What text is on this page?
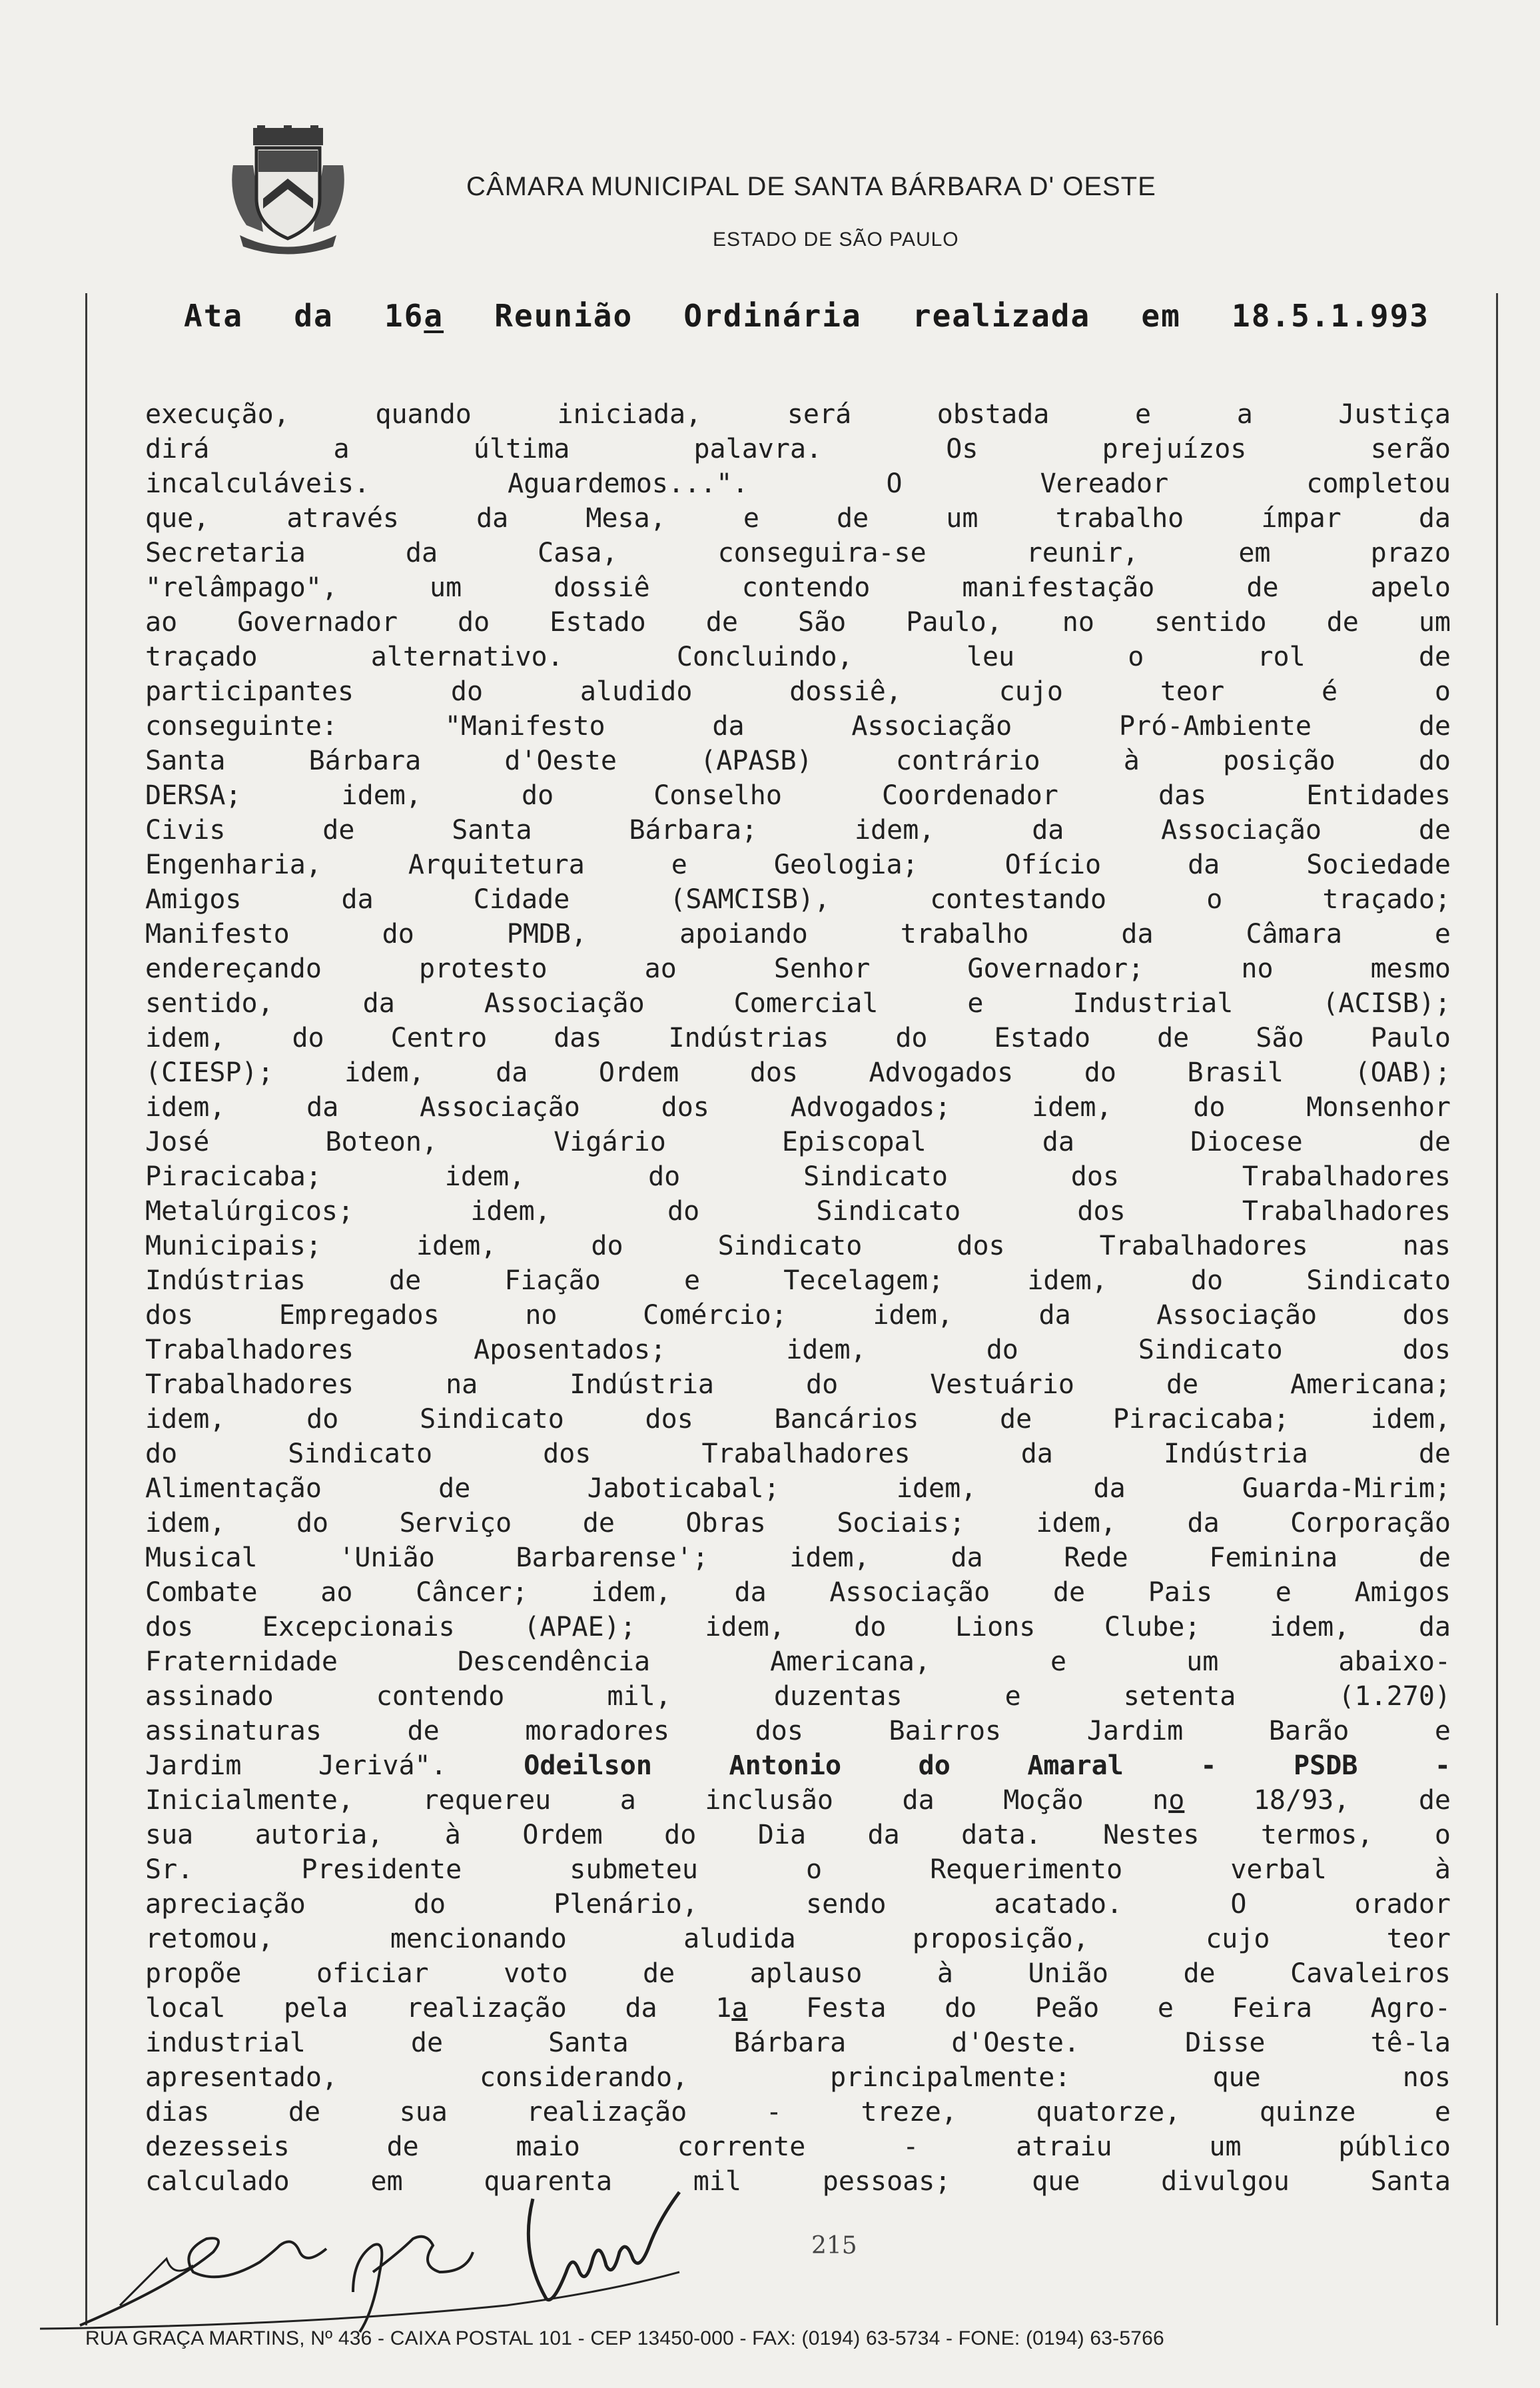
CÂMARA MUNICIPAL DE SANTA BÁRBARA D' OESTE
ESTADO DE SÃO PAULO
Ata da 16a Reunião Ordinária realizada em 18.5.1.993
execução, quando iniciada, será obstada e a Justiça
dirá a última palavra. Os prejuízos serão
incalculáveis. Aguardemos...". O Vereador completou
que, através da Mesa, e de um trabalho ímpar da
Secretaria da Casa, conseguira-se reunir, em prazo
"relâmpago", um dossiê contendo manifestação de apelo
ao Governador do Estado de São Paulo, no sentido de um
traçado alternativo. Concluindo, leu o rol de
participantes do aludido dossiê, cujo teor é o
conseguinte: "Manifesto da Associação Pró-Ambiente de
Santa Bárbara d'Oeste (APASB) contrário à posição do
DERSA; idem, do Conselho Coordenador das Entidades
Civis de Santa Bárbara; idem, da Associação de
Engenharia, Arquitetura e Geologia; Ofício da Sociedade
Amigos da Cidade (SAMCISB), contestando o traçado;
Manifesto do PMDB, apoiando trabalho da Câmara e
endereçando protesto ao Senhor Governador; no mesmo
sentido, da Associação Comercial e Industrial (ACISB);
idem, do Centro das Indústrias do Estado de São Paulo
(CIESP); idem, da Ordem dos Advogados do Brasil (OAB);
idem, da Associação dos Advogados; idem, do Monsenhor
José Boteon, Vigário Episcopal da Diocese de
Piracicaba; idem, do Sindicato dos Trabalhadores
Metalúrgicos; idem, do Sindicato dos Trabalhadores
Municipais; idem, do Sindicato dos Trabalhadores nas
Indústrias de Fiação e Tecelagem; idem, do Sindicato
dos Empregados no Comércio; idem, da Associação dos
Trabalhadores Aposentados; idem, do Sindicato dos
Trabalhadores na Indústria do Vestuário de Americana;
idem, do Sindicato dos Bancários de Piracicaba; idem,
do Sindicato dos Trabalhadores da Indústria de
Alimentação de Jaboticabal; idem, da Guarda-Mirim;
idem, do Serviço de Obras Sociais; idem, da Corporação
Musical 'União Barbarense'; idem, da Rede Feminina de
Combate ao Câncer; idem, da Associação de Pais e Amigos
dos Excepcionais (APAE); idem, do Lions Clube; idem, da
Fraternidade Descendência Americana, e um abaixo-
assinado contendo mil, duzentas e setenta (1.270)
assinaturas de moradores dos Bairros Jardim Barão e
Jardim Jerivá". Odeilson Antonio do Amaral - PSDB -
Inicialmente, requereu a inclusão da Moção no 18/93, de
sua autoria, à Ordem do Dia da data. Nestes termos, o
Sr. Presidente submeteu o Requerimento verbal à
apreciação do Plenário, sendo acatado. O orador
retomou, mencionando aludida proposição, cujo teor
propõe oficiar voto de aplauso à União de Cavaleiros
local pela realização da 1a Festa do Peão e Feira Agro-
industrial de Santa Bárbara d'Oeste. Disse tê-la
apresentado, considerando, principalmente: que nos
dias de sua realização - treze, quatorze, quinze e
dezesseis de maio corrente - atraiu um público
calculado em quarenta mil pessoas; que divulgou Santa
215
RUA GRAÇA MARTINS, Nº 436 - CAIXA POSTAL 101 - CEP 13450-000 - FAX: (0194) 63-5734 - FONE: (0194) 63-5766
